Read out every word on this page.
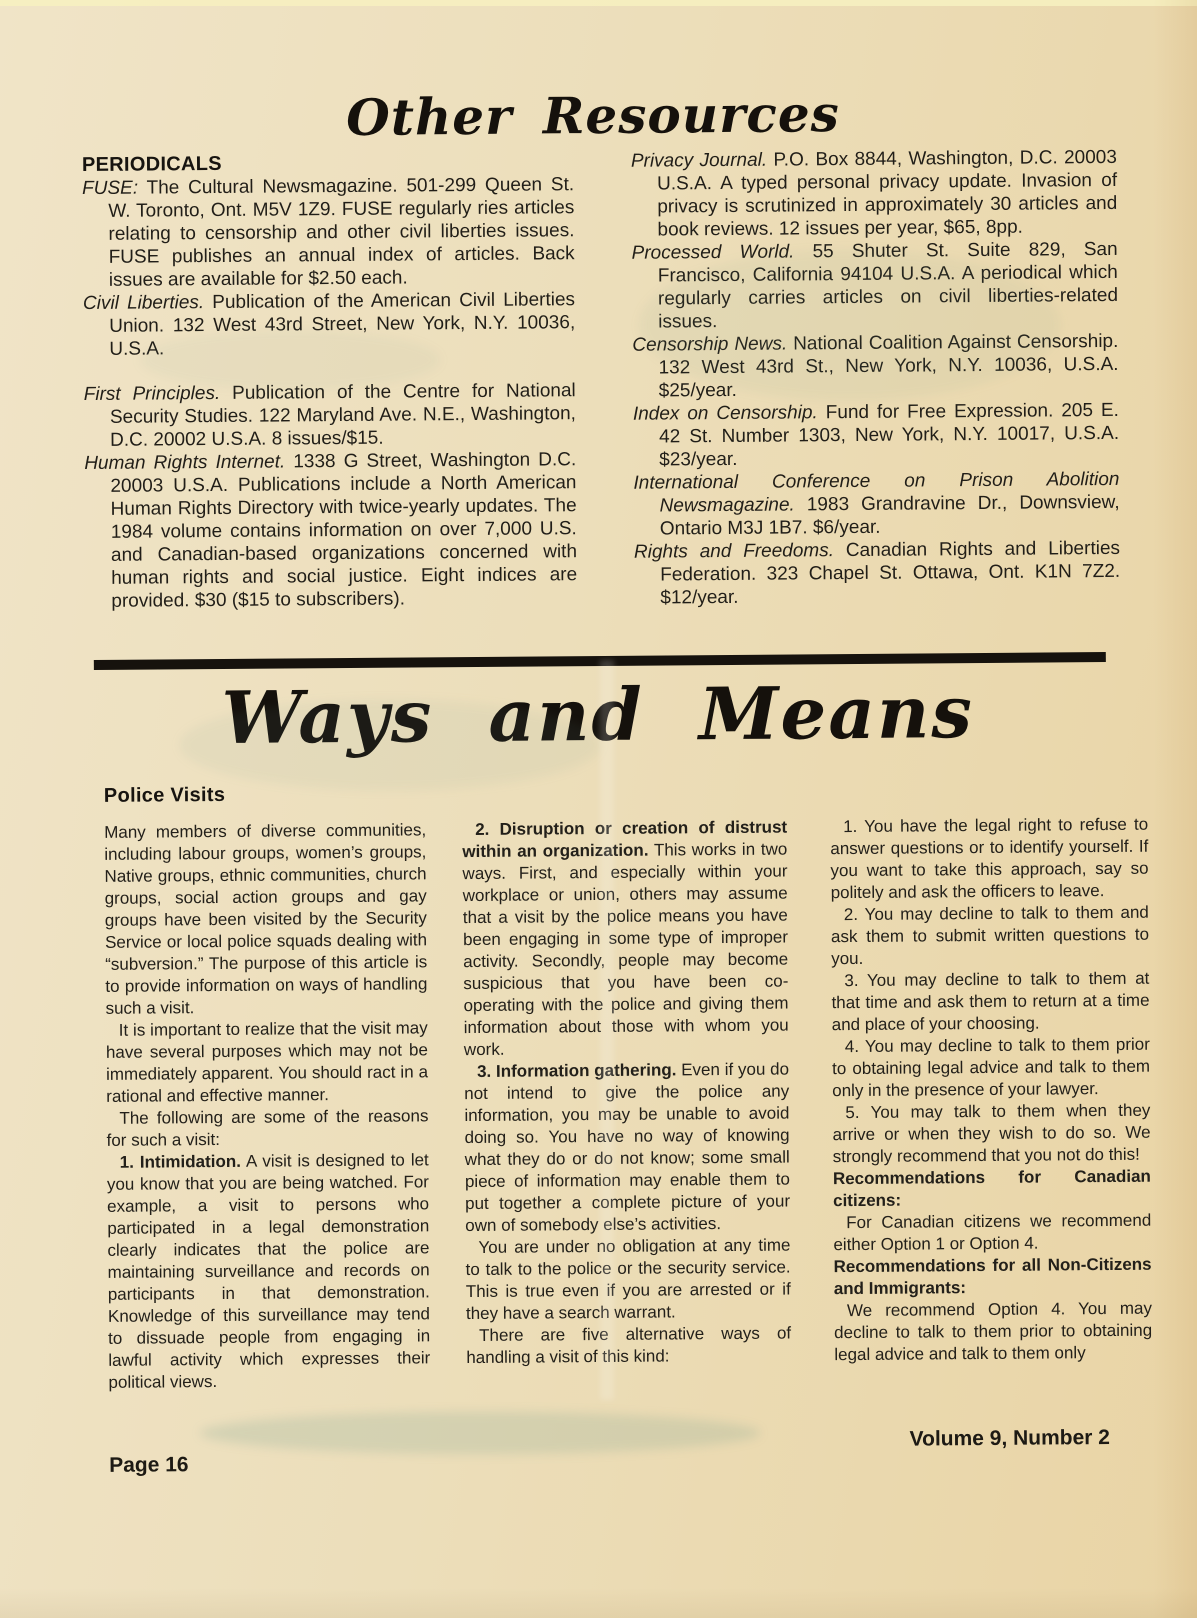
Other Resources

PERIODICALS

FUSE: The Cultural Newsmagazine. 501-299 Queen St. W. Toronto, Ont. M5V 1Z9. FUSE regularly ries articles relating to censorship and other civil liberties issues. FUSE publishes an annual index of articles. Back issues are available for $2.50 each.

Civil Liberties. Publication of the American Civil Liberties Union. 132 West 43rd Street, New York, N.Y. 10036, U.S.A.

First Principles. Publication of the Centre for National Security Studies. 122 Maryland Ave. N.E., Washington, D.C. 20002 U.S.A. 8 issues/$15.

Human Rights Internet. 1338 G Street, Washington D.C. 20003 U.S.A. Publications include a North American Human Rights Directory with twice-yearly updates. The 1984 volume contains information on over 7,000 U.S. and Canadian-based organizations concerned with human rights and social justice. Eight indices are provided. $30 ($15 to subscribers).

Privacy Journal. P.O. Box 8844, Washington, D.C. 20003 U.S.A. A typed personal privacy update. Invasion of privacy is scrutinized in approximately 30 articles and book reviews. 12 issues per year, $65, 8pp.

Processed World. 55 Shuter St. Suite 829, San Francisco, California 94104 U.S.A. A periodical which regularly carries articles on civil liberties-related issues.

Censorship News. National Coalition Against Censorship. 132 West 43rd St., New York, N.Y. 10036, U.S.A. $25/year.

Index on Censorship. Fund for Free Expression. 205 E. 42 St. Number 1303, New York, N.Y. 10017, U.S.A. $23/year.

International Conference on Prison Abolition Newsmagazine. 1983 Grandravine Dr., Downsview, Ontario M3J 1B7. $6/year.

Rights and Freedoms. Canadian Rights and Liberties Federation. 323 Chapel St. Ottawa, Ont. K1N 7Z2. $12/year.

Ways and Means

Police Visits

Many members of diverse communities, including labour groups, women’s groups, Native groups, ethnic communities, church groups, social action groups and gay groups have been visited by the Security Service or local police squads dealing with “subversion.” The purpose of this article is to provide information on ways of handling such a visit.

It is important to realize that the visit may have several purposes which may not be immediately apparent. You should ract in a rational and effective manner.

The following are some of the reasons for such a visit:

1. Intimidation. A visit is designed to let you know that you are being watched. For example, a visit to persons who participated in a legal demonstration clearly indicates that the police are maintaining surveillance and records on participants in that demonstration. Knowledge of this surveillance may tend to dissuade people from engaging in lawful activity which expresses their political views.

2. Disruption or creation of distrust within an organization. This works in two ways. First, and especially within your workplace or union, others may assume that a visit by the police means you have been engaging in some type of improper activity. Secondly, people may become suspicious that you have been co-operating with the police and giving them information about those with whom you work.

3. Information gathering. Even if you do not intend to give the police any information, you may be unable to avoid doing so. You have no way of knowing what they do or do not know; some small piece of information may enable them to put together a complete picture of your own of somebody else’s activities.

You are under no obligation at any time to talk to the police or the security service. This is true even if you are arrested or if they have a search warrant.

There are five alternative ways of handling a visit of this kind:

1. You have the legal right to refuse to answer questions or to identify yourself. If you want to take this approach, say so politely and ask the officers to leave.

2. You may decline to talk to them and ask them to submit written questions to you.

3. You may decline to talk to them at that time and ask them to return at a time and place of your choosing.

4. You may decline to talk to them prior to obtaining legal advice and talk to them only in the presence of your lawyer.

5. You may talk to them when they arrive or when they wish to do so. We strongly recommend that you not do this!

Recommendations for Canadian citizens:

For Canadian citizens we recommend either Option 1 or Option 4.

Recommendations for all Non-Citizens and Immigrants:

We recommend Option 4. You may decline to talk to them prior to obtaining legal advice and talk to them only

Page 16
Volume 9, Number 2
